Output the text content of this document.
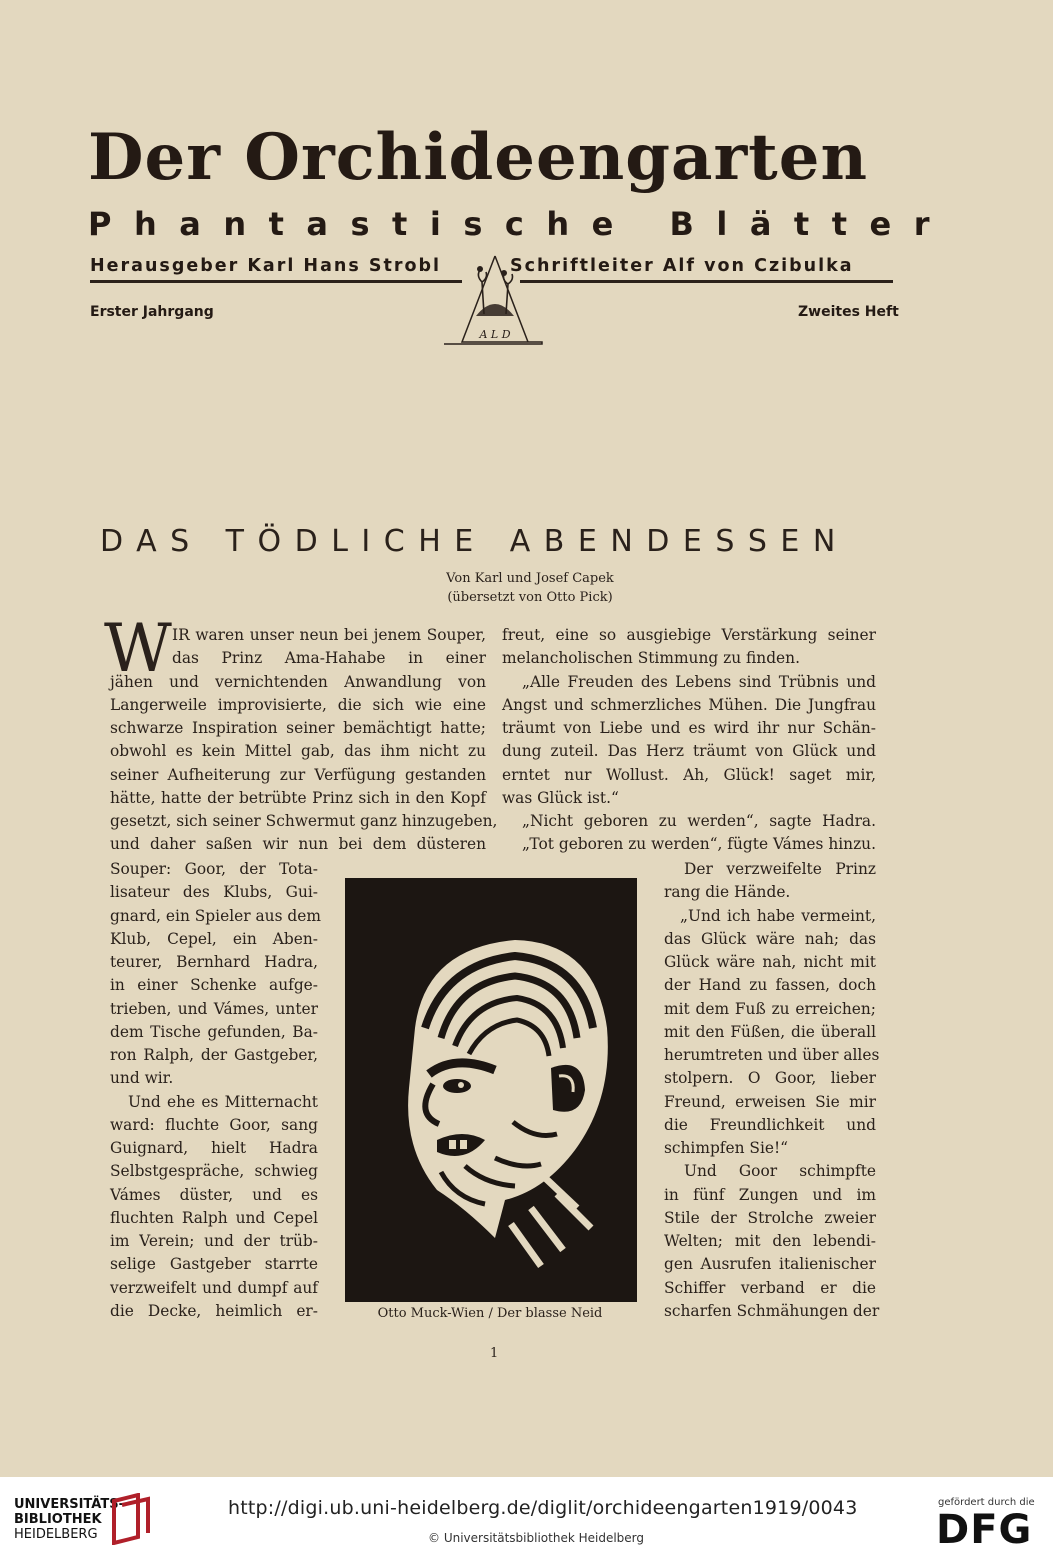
Der Orchideengarten
Phantastische Blätter
Herausgeber Karl Hans Strobl	Schriftleiter Alf von Czibulka
Erster Jahrgang	Zweites Heft
A L D
DAS TÖDLICHE ABENDESSEN
Von Karl und Josef Capek
(übersetzt von Otto Pick)
W IR waren unser neun bei jenem Souper,
das Prinz Ama-Hahabe in einer
jähen und vernichtenden Anwandlung von
Langerweile improvisierte, die sich wie eine
schwarze Inspiration seiner bemächtigt hatte;
obwohl es kein Mittel gab, das ihm nicht zu
seiner Aufheiterung zur Verfügung gestanden
hätte, hatte der betrübte Prinz sich in den Kopf
gesetzt, sich seiner Schwermut ganz hinzugeben,
und daher saßen wir nun bei dem düsteren
Souper: Goor, der Tota-
lisateur des Klubs, Gui-
gnard, ein Spieler aus dem
Klub, Cepel, ein Aben-
teurer, Bernhard Hadra,
in einer Schenke aufge-
trieben, und Vámes, unter
dem Tische gefunden, Ba-
ron Ralph, der Gastgeber,
und wir.
Und ehe es Mitternacht
ward: fluchte Goor, sang
Guignard, hielt Hadra
Selbstgespräche, schwieg
Vámes düster, und es
fluchten Ralph und Cepel
im Verein; und der trüb-
selige Gastgeber starrte
verzweifelt und dumpf auf
die Decke, heimlich er-
freut, eine so ausgiebige Verstärkung seiner
melancholischen Stimmung zu finden.
„Alle Freuden des Lebens sind Trübnis und
Angst und schmerzliches Mühen. Die Jungfrau
träumt von Liebe und es wird ihr nur Schän-
dung zuteil. Das Herz träumt von Glück und
erntet nur Wollust. Ah, Glück! saget mir,
was Glück ist.“
„Nicht geboren zu werden“, sagte Hadra.
„Tot geboren zu werden“, fügte Vámes hinzu.
Der verzweifelte Prinz
rang die Hände.
„Und ich habe vermeint,
das Glück wäre nah; das
Glück wäre nah, nicht mit
der Hand zu fassen, doch
mit dem Fuß zu erreichen;
mit den Füßen, die überall
herumtreten und über alles
stolpern. O Goor, lieber
Freund, erweisen Sie mir
die Freundlichkeit und
schimpfen Sie!“
Und Goor schimpfte
in fünf Zungen und im
Stile der Strolche zweier
Welten; mit den lebendi-
gen Ausrufen italienischer
Schiffer verband er die
scharfen Schmähungen der
Otto Muck-Wien / Der blasse Neid
1
UNIVERSITÄTS-
BIBLIOTHEK
HEIDELBERG
http://digi.ub.uni-heidelberg.de/diglit/orchideengarten1919/0043
© Universitätsbibliothek Heidelberg
gefördert durch die
DFG
